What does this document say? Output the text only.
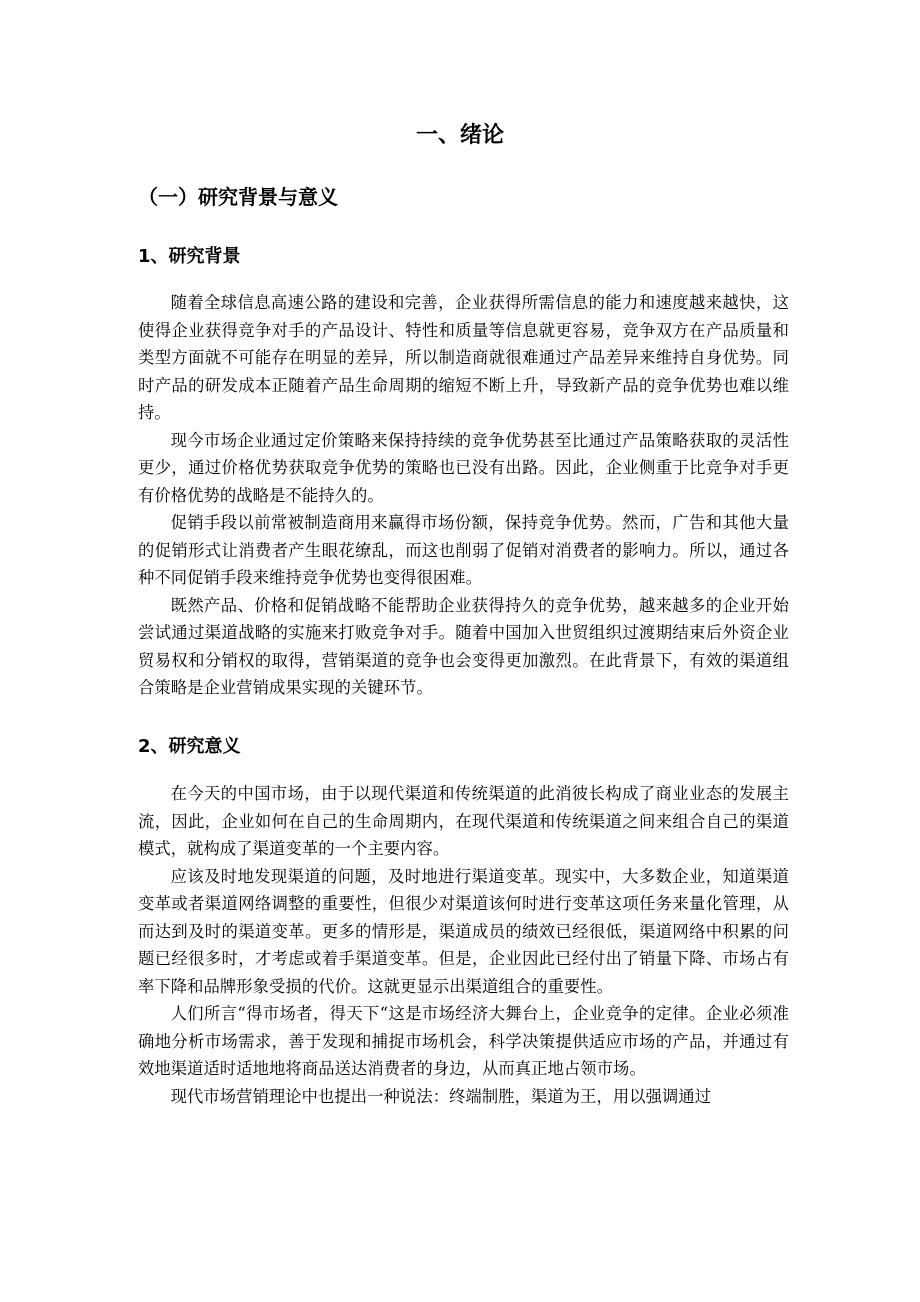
一、绪论
（一）研究背景与意义
1、研究背景

随着全球信息高速公路的建设和完善，企业获得所需信息的能力和速度越来越快，这使得企业获得竞争对手的产品设计、特性和质量等信息就更容易，竞争双方在产品质量和类型方面就不可能存在明显的差异，所以制造商就很难通过产品差异来维持自身优势。同时产品的研发成本正随着产品生命周期的缩短不断上升，导致新产品的竞争优势也难以维持。

现今市场企业通过定价策略来保持持续的竞争优势甚至比通过产品策略获取的灵活性更少，通过价格优势获取竞争优势的策略也已没有出路。因此，企业侧重于比竞争对手更有价格优势的战略是不能持久的。

促销手段以前常被制造商用来赢得市场份额，保持竞争优势。然而，广告和其他大量的促销形式让消费者产生眼花缭乱，而这也削弱了促销对消费者的影响力。所以，通过各种不同促销手段来维持竞争优势也变得很困难。

既然产品、价格和促销战略不能帮助企业获得持久的竞争优势，越来越多的企业开始尝试通过渠道战略的实施来打败竞争对手。随着中国加入世贸组织过渡期结束后外资企业贸易权和分销权的取得，营销渠道的竞争也会变得更加激烈。在此背景下，有效的渠道组合策略是企业营销成果实现的关键环节。

2、研究意义

在今天的中国市场，由于以现代渠道和传统渠道的此消彼长构成了商业业态的发展主流，因此，企业如何在自己的生命周期内，在现代渠道和传统渠道之间来组合自己的渠道模式，就构成了渠道变革的一个主要内容。

应该及时地发现渠道的问题，及时地进行渠道变革。现实中，大多数企业，知道渠道变革或者渠道网络调整的重要性，但很少对渠道该何时进行变革这项任务来量化管理，从而达到及时的渠道变革。更多的情形是，渠道成员的绩效已经很低，渠道网络中积累的问题已经很多时，才考虑或着手渠道变革。但是，企业因此已经付出了销量下降、市场占有率下降和品牌形象受损的代价。这就更显示出渠道组合的重要性。

人们所言“得市场者，得天下“这是市场经济大舞台上，企业竞争的定律。企业必须准确地分析市场需求，善于发现和捕捉市场机会，科学决策提供适应市场的产品，并通过有效地渠道适时适地地将商品送达消费者的身边，从而真正地占领市场。

现代市场营销理论中也提出一种说法：终端制胜，渠道为王，用以强调通过
